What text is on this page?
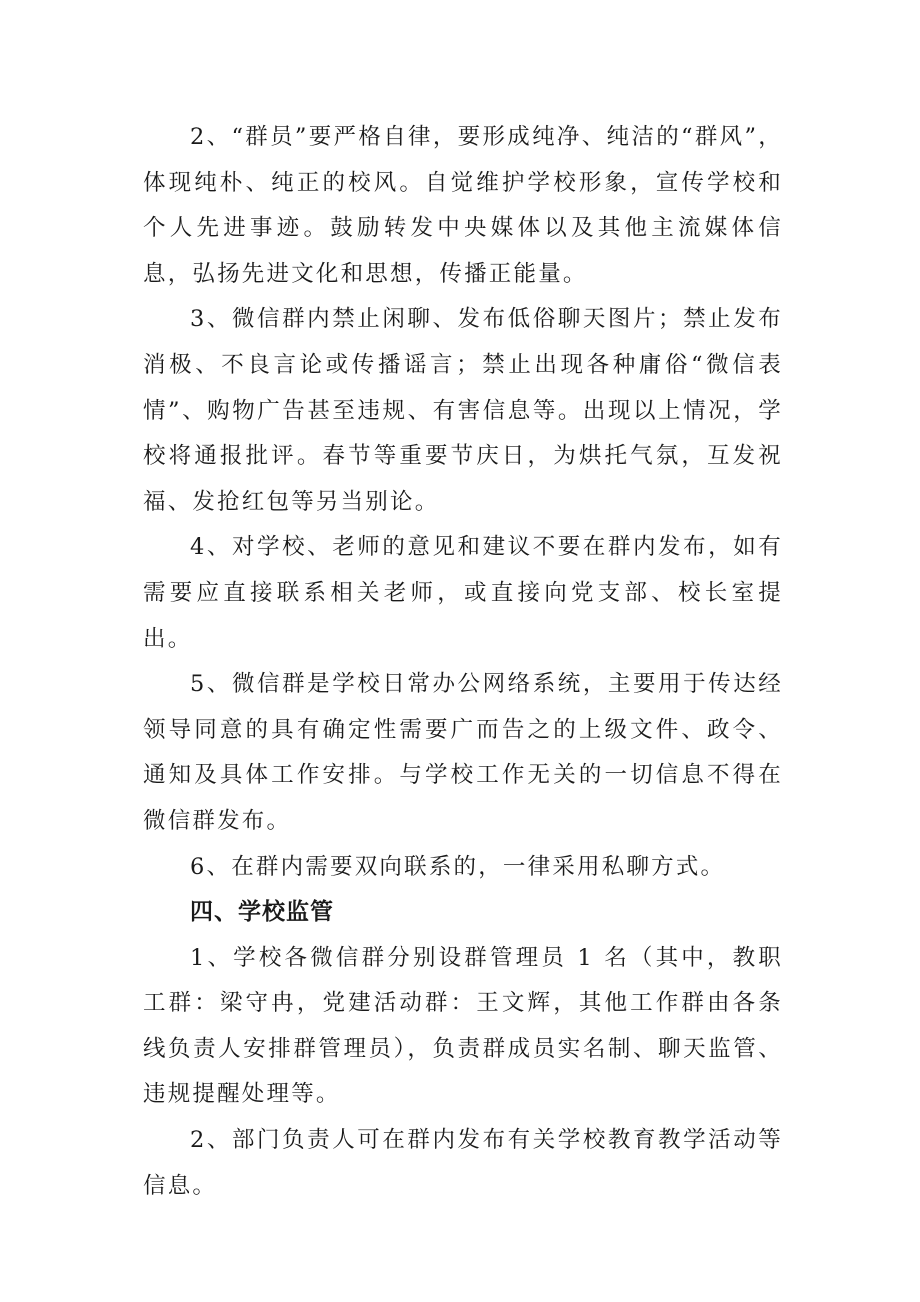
2、“群员”要严格自律，要形成纯净、纯洁的“群风”，体现纯朴、纯正的校风。自觉维护学校形象，宣传学校和个人先进事迹。鼓励转发中央媒体以及其他主流媒体信息，弘扬先进文化和思想，传播正能量。

3、微信群内禁止闲聊、发布低俗聊天图片；禁止发布消极、不良言论或传播谣言；禁止出现各种庸俗“微信表情”、购物广告甚至违规、有害信息等。出现以上情况，学校将通报批评。春节等重要节庆日，为烘托气氛，互发祝福、发抢红包等另当别论。

4、对学校、老师的意见和建议不要在群内发布，如有需要应直接联系相关老师，或直接向党支部、校长室提出。

5、微信群是学校日常办公网络系统，主要用于传达经领导同意的具有确定性需要广而告之的上级文件、政令、通知及具体工作安排。与学校工作无关的一切信息不得在微信群发布。

6、在群内需要双向联系的，一律采用私聊方式。

四、学校监管

1、学校各微信群分别设群管理员 1 名（其中，教职工群：梁守冉，党建活动群：王文辉，其他工作群由各条线负责人安排群管理员），负责群成员实名制、聊天监管、违规提醒处理等。

2、部门负责人可在群内发布有关学校教育教学活动等信息。
